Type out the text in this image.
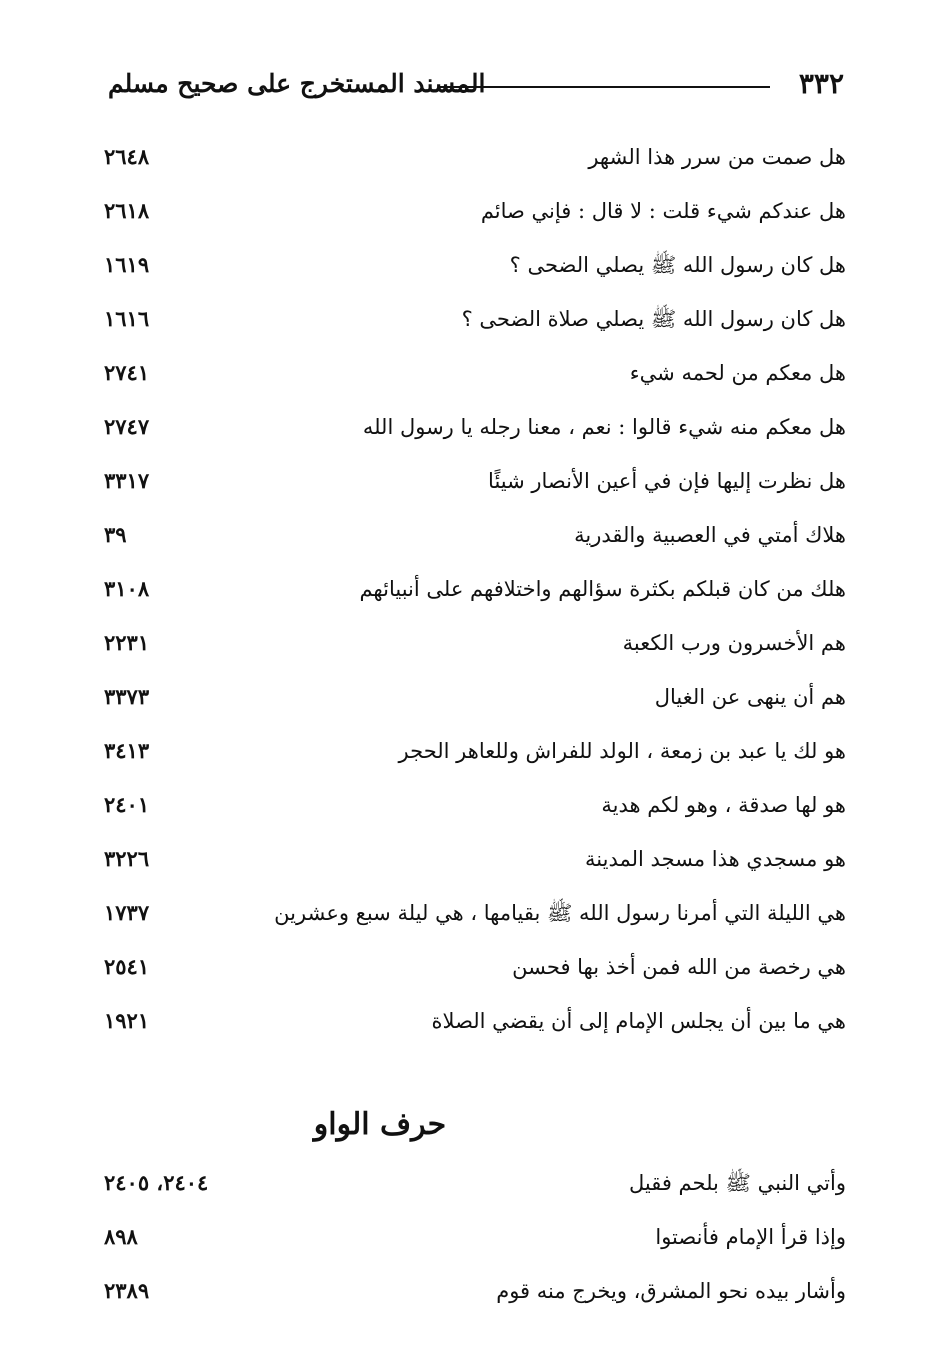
٣٣٢
المسند المستخرج على صحيح مسلم
هل صمت من سرر هذا الشهر
٢٦٤٨
هل عندكم شيء قلت : لا قال : فإني صائم
٢٦١٨
هل كان رسول الله ﷺ يصلي الضحى ؟
١٦١٩
هل كان رسول الله ﷺ يصلي صلاة الضحى ؟
١٦١٦
هل معكم من لحمه شيء
٢٧٤١
هل معكم منه شيء قالوا : نعم ، معنا رجله يا رسول الله
٢٧٤٧
هل نظرت إليها فإن في أعين الأنصار شيئًا
٣٣١٧
هلاك أمتي في العصبية والقدرية
٣٩
هلك من كان قبلكم بكثرة سؤالهم واختلافهم على أنبيائهم
٣١٠٨
هم الأخسرون ورب الكعبة
٢٢٣١
هم أن ينهى عن الغيال
٣٣٧٣
هو لك يا عبد بن زمعة ، الولد للفراش وللعاهر الحجر
٣٤١٣
هو لها صدقة ، وهو لكم هدية
٢٤٠١
هو مسجدي هذا مسجد المدينة
٣٢٢٦
هي الليلة التي أمرنا رسول الله ﷺ بقيامها ، هي ليلة سبع وعشرين
١٧٣٧
هي رخصة من الله فمن أخذ بها فحسن
٢٥٤١
هي ما بين أن يجلس الإمام إلى أن يقضي الصلاة
١٩٢١
وأتي النبي ﷺ بلحم فقيل
٢٤٠٤، ٢٤٠٥
وإذا قرأ الإمام فأنصتوا
٨٩٨
وأشار بيده نحو المشرق، ويخرج منه قوم
٢٣٨٩
حرف الواو
